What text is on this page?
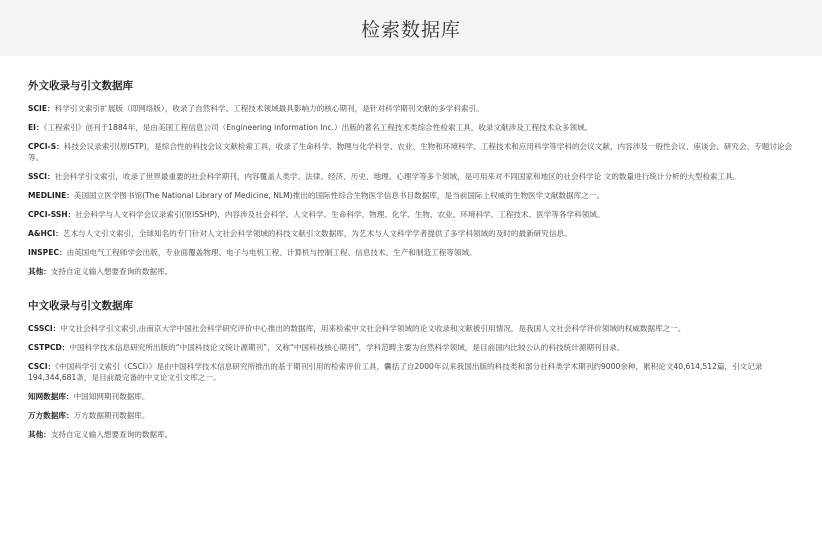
检索数据库
外文收录与引文数据库

SCIE：科学引文索引扩展版（即网络版），收录了自然科学、工程技术领域最具影响力的核心期刊，是针对科学期刊文献的多学科索引。

EI：《工程索引》创刊于1884年，是由美国工程信息公司（Engineering information Inc.）出版的著名工程技术类综合性检索工具，收录文献涉及工程技术众多领域。

CPCI-S：科技会议录索引(原ISTP)，是综合性的科技会议文献检索工具，收录了生命科学、物理与化学科学、农业、生物和环境科学、工程技术和应用科学等学科的会议文献，内容涉及一般性会议、座谈会、研究会、专题讨论会等。

SSCI：社会科学引文索引，收录了世界最重要的社会科学期刊，内容覆盖人类学、法律、经济、历史、地理、心理学等多个领域，是可用来对不同国家和地区的社会科学论 文的数量进行统计分析的大型检索工具。

MEDLINE：美国国立医学图书馆(The National Library of Medicine, NLM)推出的国际性综合生物医学信息书目数据库，是当前国际上权威的生物医学文献数据库之一。

CPCI-SSH：社会科学与人文科学会议录索引(原ISSHP)，内容涉及社会科学、人文科学、生命科学、物理、化学、生物、农业、环境科学、工程技术、医学等各学科领域。

A&HCI：艺术与人文引文索引，全球知名的专门针对人文社会科学领域的科技文献引文数据库，为艺术与人文科学学者提供了多学科领域的及时的最新研究信息。

INSPEC：由英国电气工程师学会出版，专业面覆盖物理、电子与电机工程、计算机与控制工程、信息技术、生产和制造工程等领域。

其他：支持自定义输入想要查询的数据库。

中文收录与引文数据库

CSSCI：中文社会科学引文索引,由南京大学中国社会科学研究评价中心推出的数据库，用来检索中文社会科学领域的论文收录和文献被引用情况，是我国人文社会科学评价领域的权威数据库之一。

CSTPCD：中国科学技术信息研究所出版的“中国科技论文统计源期刊”，又称“中国科技核心期刊”，学科范畴主要为自然科学领域，是目前国内比较公认的科技统计源期刊目录。

CSCI：《中国科学引文索引（CSCI）》是由中国科学技术信息研究所推出的基于期刊引用的检索评价工具，囊括了自2000年以来我国出版的科技类和部分社科类学术期刊约9000余种，累积论文40,614,512篇，引文记录194,344,681条，是目前最完备的中文论文引文库之一。

知网数据库：中国知网期刊数据库。

万方数据库：万方数据期刊数据库。

其他：支持自定义输入想要查询的数据库。
